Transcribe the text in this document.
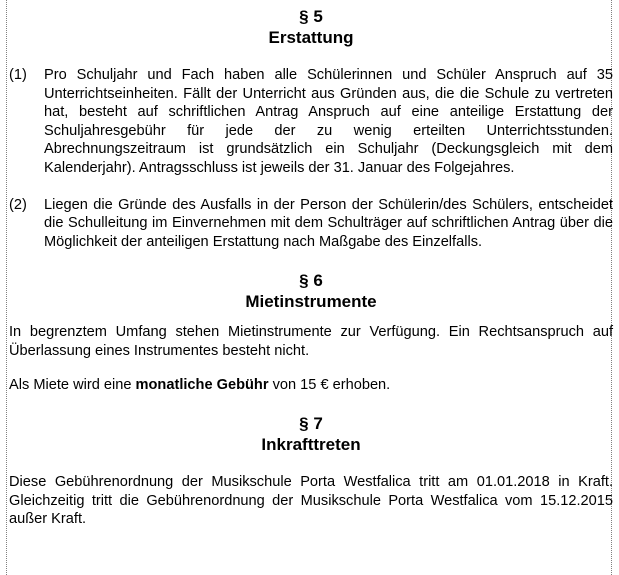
§ 5
Erstattung
(1)	Pro Schuljahr und Fach haben alle Schülerinnen und Schüler Anspruch auf 35 Unterrichtseinheiten. Fällt der Unterricht aus Gründen aus, die die Schule zu vertreten hat, besteht auf schriftlichen Antrag Anspruch auf eine anteilige Erstattung der Schuljahresgebühr für jede der zu wenig erteilten Unterrichtsstunden. Abrechnungszeitraum ist grundsätzlich ein Schuljahr (Deckungsgleich mit dem Kalenderjahr). Antragsschluss ist jeweils der 31. Januar des Folgejahres.
(2)	Liegen die Gründe des Ausfalls in der Person der Schülerin/des Schülers, entscheidet die Schulleitung im Einvernehmen mit dem Schulträger auf schriftlichen Antrag über die Möglichkeit der anteiligen Erstattung nach Maßgabe des Einzelfalls.
§ 6
Mietinstrumente

In begrenztem Umfang stehen Mietinstrumente zur Verfügung. Ein Rechtsanspruch auf Überlassung eines Instrumentes besteht nicht.

Als Miete wird eine monatliche Gebühr von 15 € erhoben.

§ 7
Inkrafttreten

Diese Gebührenordnung der Musikschule Porta Westfalica tritt am 01.01.2018 in Kraft. Gleichzeitig tritt die Gebührenordnung der Musikschule Porta Westfalica vom 15.12.2015 außer Kraft.
